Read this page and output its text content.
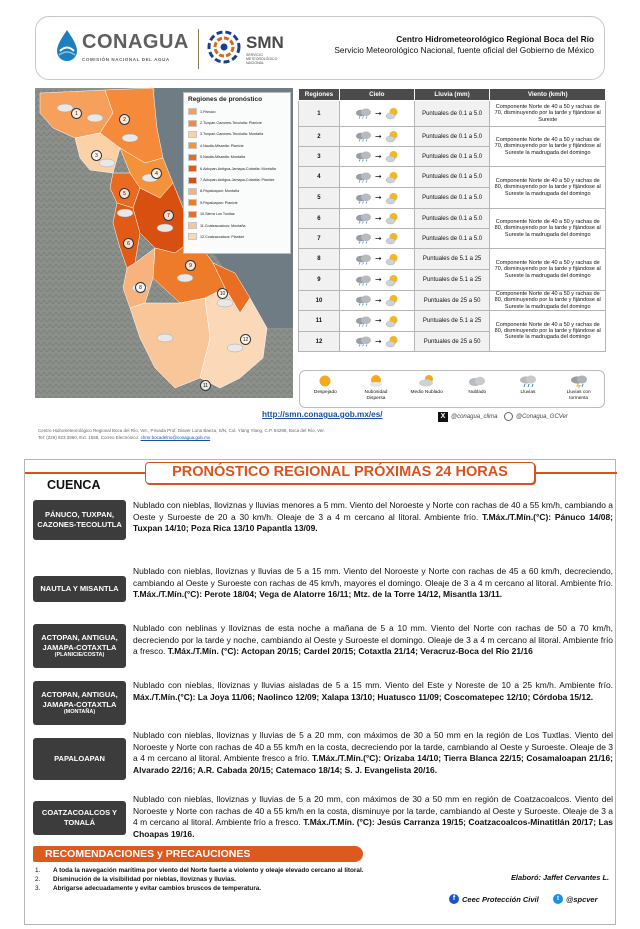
CONAGUA
COMISIÓN NACIONAL DEL AGUA
SMN
SERVICIO METEOROLÓGICO NACIONAL
Centro Hidrometeorológico Regional Boca del Río
Servicio Meteorológico Nacional, fuente oficial del Gobierno de México
1
2
3
4
5
6
7
8
9
10
11
12
Regiones de pronóstico
1.Pánuco
2.Tuxpan-Cazones-Tecolutla: Planicie
3.Tuxpan-Cazones-Tecolutla: Montaña
4.Nautla-Misantla: Planicie
5.Nautla-Misantla: Montaña
6.Actopan-Antigua-Jamapa-Cotaxtla: Montaña
7.Actopan-Antigua-Jamapa-Cotaxtla: Planicie
8.Papaloapan: Montaña
9.Papaloapan: Planicie
10.Sierra Los Tuxtlas
11.Coatzacoalcos: Montaña
12.Coatzacoalcos: Planicie
Regiones	Cielo	Lluvia (mm)	Viento (km/h)
1	➞	Puntuales de 0.1 a 5.0	Componente Norte de 40 a 50 y rachas de 70, disminuyendo por la tarde y fijándose al Sureste
2	➞	Puntuales de 0.1 a 5.0	Componente Norte de 40 a 50 y rachas de 70, disminuyendo por la tarde y fijándose al Sureste la madrugada del domingo
3	➞	Puntuales de 0.1 a 5.0	
4	➞	Puntuales de 0.1 a 5.0	Componente Norte de 40 a 50 y rachas de 80, disminuyendo por la tarde y fijándose al Sureste la madrugada del domingo
5	➞	Puntuales de 0.1 a 5.0	
6	➞	Puntuales de 0.1 a 5.0	Componente Norte de 40 a 50 y rachas de 80, disminuyendo por la tarde y fijándose al Sureste la madrugada del domingo
7	➞	Puntuales de 0.1 a 5.0	
8	➞	Puntuales de 5.1 a 25	Componente Norte de 40 a 50 y rachas de 70, disminuyendo por la tarde y fijándose al Sureste la madrugada del domingo
9	➞	Puntuales de 5.1 a 25	
10	➞	Puntuales de 25 a 50	Componente Norte de 40 a 50 y rachas de 80, disminuyendo por la tarde y fijándose al Sureste la madrugada del domingo
11	➞	Puntuales de 5.1 a 25	Componente Norte de 40 a 50 y rachas de 80, disminuyendo por la tarde y fijándose al Sureste la madrugada del domingo
12	➞	Puntuales de 25 a 50	
Despejado	Nubosidad Dispersa
Medio Nublado	Nublado	Lluvias	Lluvias con tormenta
http://smn.conagua.gob.mx/es/	X @conagua_clima	@Conagua_GCVer
Centro Hidrometeorológico Regional Boca del Río, Ver., Privada Prof. Diaver Luna Baeza, S/N, Col. Ylang Ylang, C.P. 94298, Boca del Río, Ver.
Tel: (229) 923 3960, Ext. 1558, Correo Electrónico: chmr.bocadelrio@conagua.gob.mx
PRONÓSTICO REGIONAL PRÓXIMAS 24 HORAS
CUENCA
PÁNUCO, TUXPAN, CAZONES-TECOLUTLA
Nublado con nieblas, lloviznas y lluvias menores a 5 mm. Viento del Noroeste y Norte con rachas de 40 a 55 km/h, cambiando a Oeste y Suroeste de 20 a 30 km/h. Oleaje de 3 a 4 m cercano al litoral. Ambiente frío. T.Máx./T.Mín.(°C): Pánuco 14/08; Tuxpan 14/10; Poza Rica 13/10 Papantla 13/09.
NAUTLA Y MISANTLA
Nublado con nieblas, lloviznas y lluvias de 5 a 15 mm. Viento del Noroeste y Norte con rachas de 45 a 60 km/h, decreciendo, cambiando al Oeste y Suroeste con rachas de 45 km/h, mayores el domingo. Oleaje de 3 a 4 m cercano al litoral. Ambiente frío. T.Máx./T.Mín.(°C): Perote 18/04; Vega de Alatorre 16/11; Mtz. de la Torre 14/12, Misantla 13/11.
ACTOPAN, ANTIGUA, JAMAPA-COTAXTLA
(PLANICIE/COSTA)
Nublado con neblinas y lloviznas de esta noche a mañana de 5 a 10 mm. Viento del Norte con rachas de 50 a 70 km/h, decreciendo por la tarde y noche, cambiando al Oeste y Suroeste el domingo. Oleaje de 3 a 4 m cercano al litoral. Ambiente frío a fresco. T.Máx./T.Mín. (°C): Actopan 20/15; Cardel 20/15; Cotaxtla 21/14; Veracruz-Boca del Río 21/16
ACTOPAN, ANTIGUA, JAMAPA-COTAXTLA
(MONTAÑA)
Nublado con nieblas, lloviznas y lluvias aisladas de 5 a 15 mm. Viento del Este y Noreste de 10 a 25 km/h. Ambiente frío. Máx./T.Mín.(°C): La Joya 11/06; Naolinco 12/09; Xalapa 13/10; Huatusco 11/09; Coscomatepec 12/10; Córdoba 15/12.
PAPALOAPAN
Nublado con nieblas, lloviznas y lluvias de 5 a 20 mm, con máximos de 30 a 50 mm en la región de Los Tuxtlas. Viento del Noroeste y Norte con rachas de 40 a 55 km/h en la costa, decreciendo por la tarde, cambiando al Oeste y Suroeste. Oleaje de 3 a 4 m cercano al litoral. Ambiente fresco a frío. T.Máx./T.Mín.(°C): Orizaba 14/10; Tierra Blanca 22/15; Cosamaloapan 21/16; Alvarado 22/16; A.R. Cabada 20/15; Catemaco 18/14; S. J. Evangelista 20/16.
COATZACOALCOS Y TONALÁ
Nublado con nieblas, lloviznas y lluvias de 5 a 20 mm, con máximos de 30 a 50 mm en región de Coatzacoalcos. Viento del Noroeste y Norte con rachas de 40 a 55 km/h en la costa, disminuye por la tarde, cambiando al Oeste y Suroeste. Oleaje de 3 a 4 m cercano al litoral. Ambiente frío a fresco. T.Máx./T.Mín. (°C): Jesús Carranza 19/15; Coatzacoalcos-Minatitlán 20/17; Las Choapas 19/16.
RECOMENDACIONES y PRECAUCIONES
1.	A toda la navegación marítima por viento del Norte fuerte a violento y oleaje elevado cercano al litoral.
2.	Disminución de la visibilidad por nieblas, lloviznas y lluvias.
3.	Abrigarse adecuadamente y evitar cambios bruscos de temperatura.
Elaboró: Jaffet Cervantes L.
f Ceec Protección Civil	t @spcver
